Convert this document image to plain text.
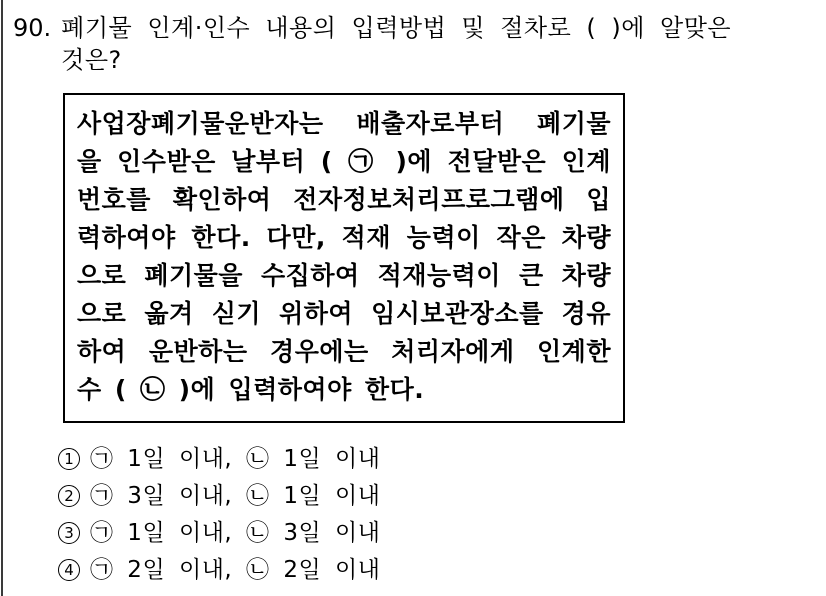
90. 폐기물 인계·인수 내용의 입력방법 및 절차로 ( )에 알맞은
것은?
사업장폐기물운반자는 배출자로부터 폐기물
을 인수받은 날부터 ( ㉠ )에 전달받은 인계
번호를 확인하여 전자정보처리프로그램에 입
력하여야 한다. 다만, 적재 능력이 작은 차량
으로 폐기물을 수집하여 적재능력이 큰 차량
으로 옮겨 싣기 위하여 임시보관장소를 경유
하여 운반하는 경우에는 처리자에게 인계한
수 ( ㉡ )에 입력하여야 한다.
1 ㉠ 1일 이내, ㉡ 1일 이내
2 ㉠ 3일 이내, ㉡ 1일 이내
3 ㉠ 1일 이내, ㉡ 3일 이내
4 ㉠ 2일 이내, ㉡ 2일 이내
